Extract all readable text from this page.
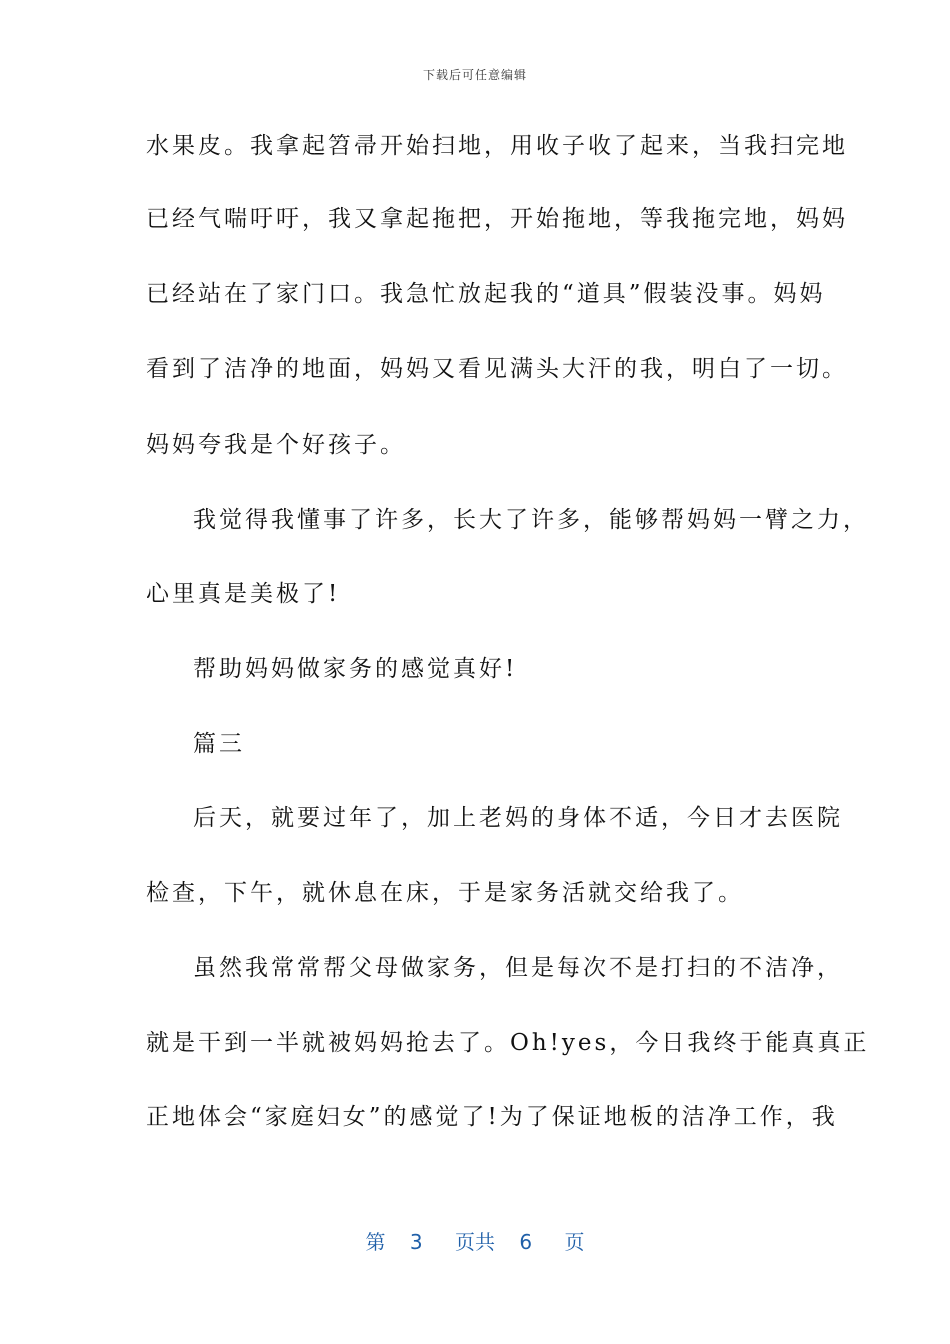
下载后可任意编辑
水果皮。我拿起笤帚开始扫地，用收子收了起来，当我扫完地
已经气喘吁吁，我又拿起拖把，开始拖地，等我拖完地，妈妈
已经站在了家门口。我急忙放起我的“道具”假装没事。妈妈
看到了洁净的地面，妈妈又看见满头大汗的我，明白了一切。
妈妈夸我是个好孩子。
我觉得我懂事了许多，长大了许多，能够帮妈妈一臂之力，
心里真是美极了!
帮助妈妈做家务的感觉真好!
篇三
后天，就要过年了，加上老妈的身体不适，今日才去医院
检查，下午，就休息在床，于是家务活就交给我了。
虽然我常常帮父母做家务，但是每次不是打扫的不洁净，
就是干到一半就被妈妈抢去了。Oh!yes，今日我终于能真真正
正地体会“家庭妇女”的感觉了!为了保证地板的洁净工作，我
第 3 页共 6 页
